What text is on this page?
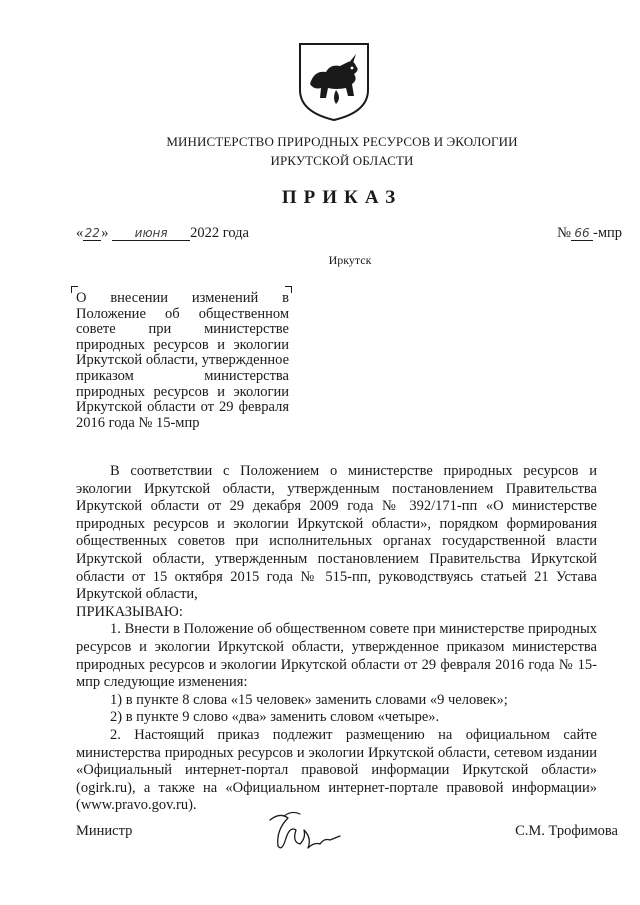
МИНИСТЕРСТВО ПРИРОДНЫХ РЕСУРСОВ И ЭКОЛОГИИ
ИРКУТСКОЙ ОБЛАСТИ
ПРИКАЗ
«22» июня 2022 года	№ 66 -мпр
Иркутск
О внесении изменений в Положение об общественном совете при министерстве природных ресурсов и экологии Иркутской области, утвержденное приказом министерства природных ресурсов и экологии Иркутской области от 29 февраля 2016 года № 15-мпр

В соответствии с Положением о министерстве природных ресурсов и экологии Иркутской области, утвержденным постановлением Правительства Иркутской области от 29 декабря 2009 года № 392/171-пп «О министерстве природных ресурсов и экологии Иркутской области», порядком формирования общественных советов при исполнительных органах государственной власти Иркутской области, утвержденным постановлением Правительства Иркутской области от 15 октября 2015 года № 515-пп, руководствуясь статьей 21 Устава Иркутской области,

ПРИКАЗЫВАЮ:

1. Внести в Положение об общественном совете при министерстве природных ресурсов и экологии Иркутской области, утвержденное приказом министерства природных ресурсов и экологии Иркутской области от 29 февраля 2016 года № 15-мпр следующие изменения:

1) в пункте 8 слова «15 человек» заменить словами «9 человек»;

2) в пункте 9 слово «два» заменить словом «четыре».

2. Настоящий приказ подлежит размещению на официальном сайте министерства природных ресурсов и экологии Иркутской области, сетевом издании «Официальный интернет-портал правовой информации Иркутской области» (ogirk.ru), а также на «Официальном интернет-портале правовой информации» (www.pravo.gov.ru).

Министр	С.М. Трофимова
